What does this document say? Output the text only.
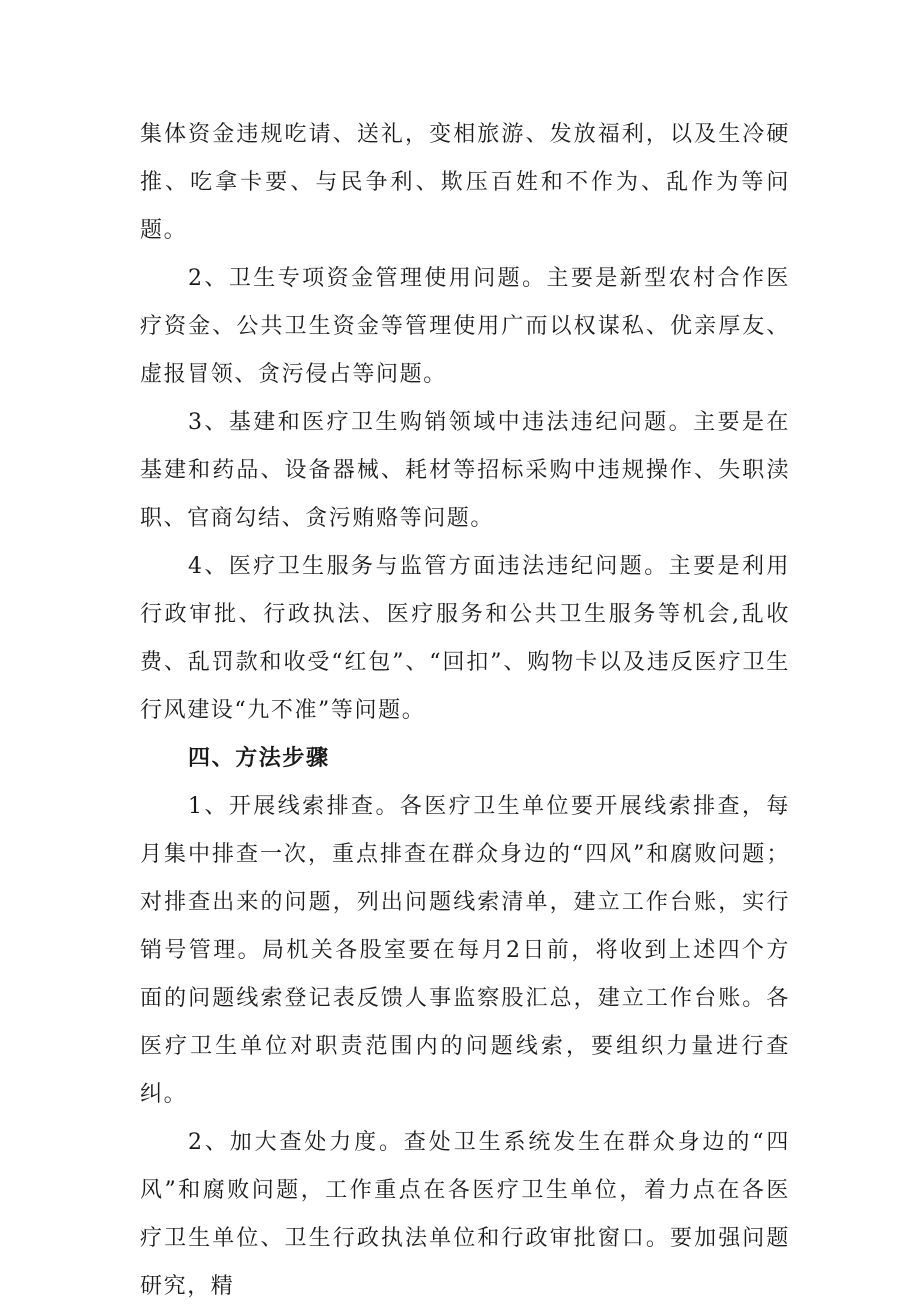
集体资金违规吃请、送礼，变相旅游、发放福利，以及生冷硬推、吃拿卡要、与民争利、欺压百姓和不作为、乱作为等问题。

2、卫生专项资金管理使用问题。主要是新型农村合作医疗资金、公共卫生资金等管理使用广而以权谋私、优亲厚友、虚报冒领、贪污侵占等问题。

3、基建和医疗卫生购销领域中违法违纪问题。主要是在基建和药品、设备器械、耗材等招标采购中违规操作、失职渎职、官商勾结、贪污贿赂等问题。

4、医疗卫生服务与监管方面违法违纪问题。主要是利用行政审批、行政执法、医疗服务和公共卫生服务等机会,乱收费、乱罚款和收受“红包”、“回扣”、购物卡以及违反医疗卫生行风建设“九不准”等问题。

四、方法步骤

1、开展线索排查。各医疗卫生单位要开展线索排查，每月集中排查一次，重点排查在群众身边的“四风”和腐败问题；对排查出来的问题，列出问题线索清单，建立工作台账，实行销号管理。局机关各股室要在每月2日前，将收到上述四个方面的问题线索登记表反馈人事监察股汇总，建立工作台账。各医疗卫生单位对职责范围内的问题线索，要组织力量进行查纠。

2、加大查处力度。查处卫生系统发生在群众身边的“四风”和腐败问题，工作重点在各医疗卫生单位，着力点在各医疗卫生单位、卫生行政执法单位和行政审批窗口。要加强问题研究，精
